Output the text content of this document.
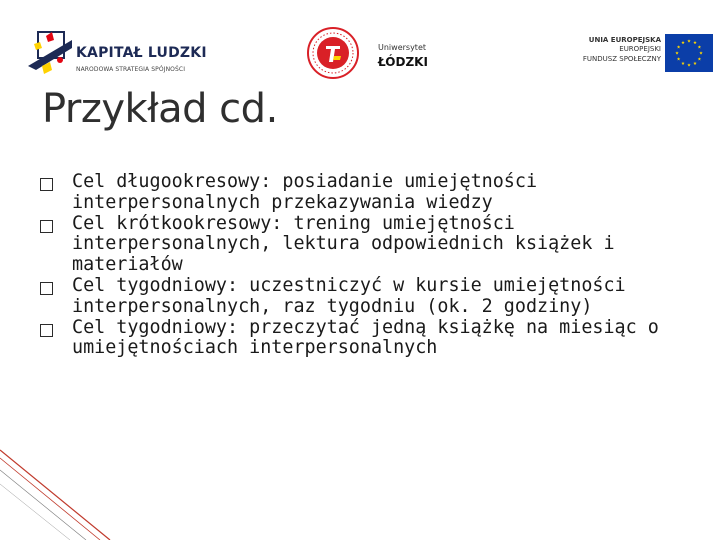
KAPITAŁ LUDZKI
NARODOWA STRATEGIA SPÓJNOŚCI
Uniwersytet
ŁÓDZKI
UNIA EUROPEJSKA
EUROPEJSKI
FUNDUSZ SPOŁECZNY
Przykład cd.
Cel długookresowy: posiadanie umiejętności interpersonalnych przekazywania wiedzy
Cel krótkookresowy: trening umiejętności interpersonalnych, lektura odpowiednich książek i materiałów
Cel tygodniowy: uczestniczyć w kursie umiejętności interpersonalnych, raz tygodniu (ok. 2 godziny)
Cel tygodniowy: przeczytać jedną książkę na miesiąc o umiejętnościach interpersonalnych
